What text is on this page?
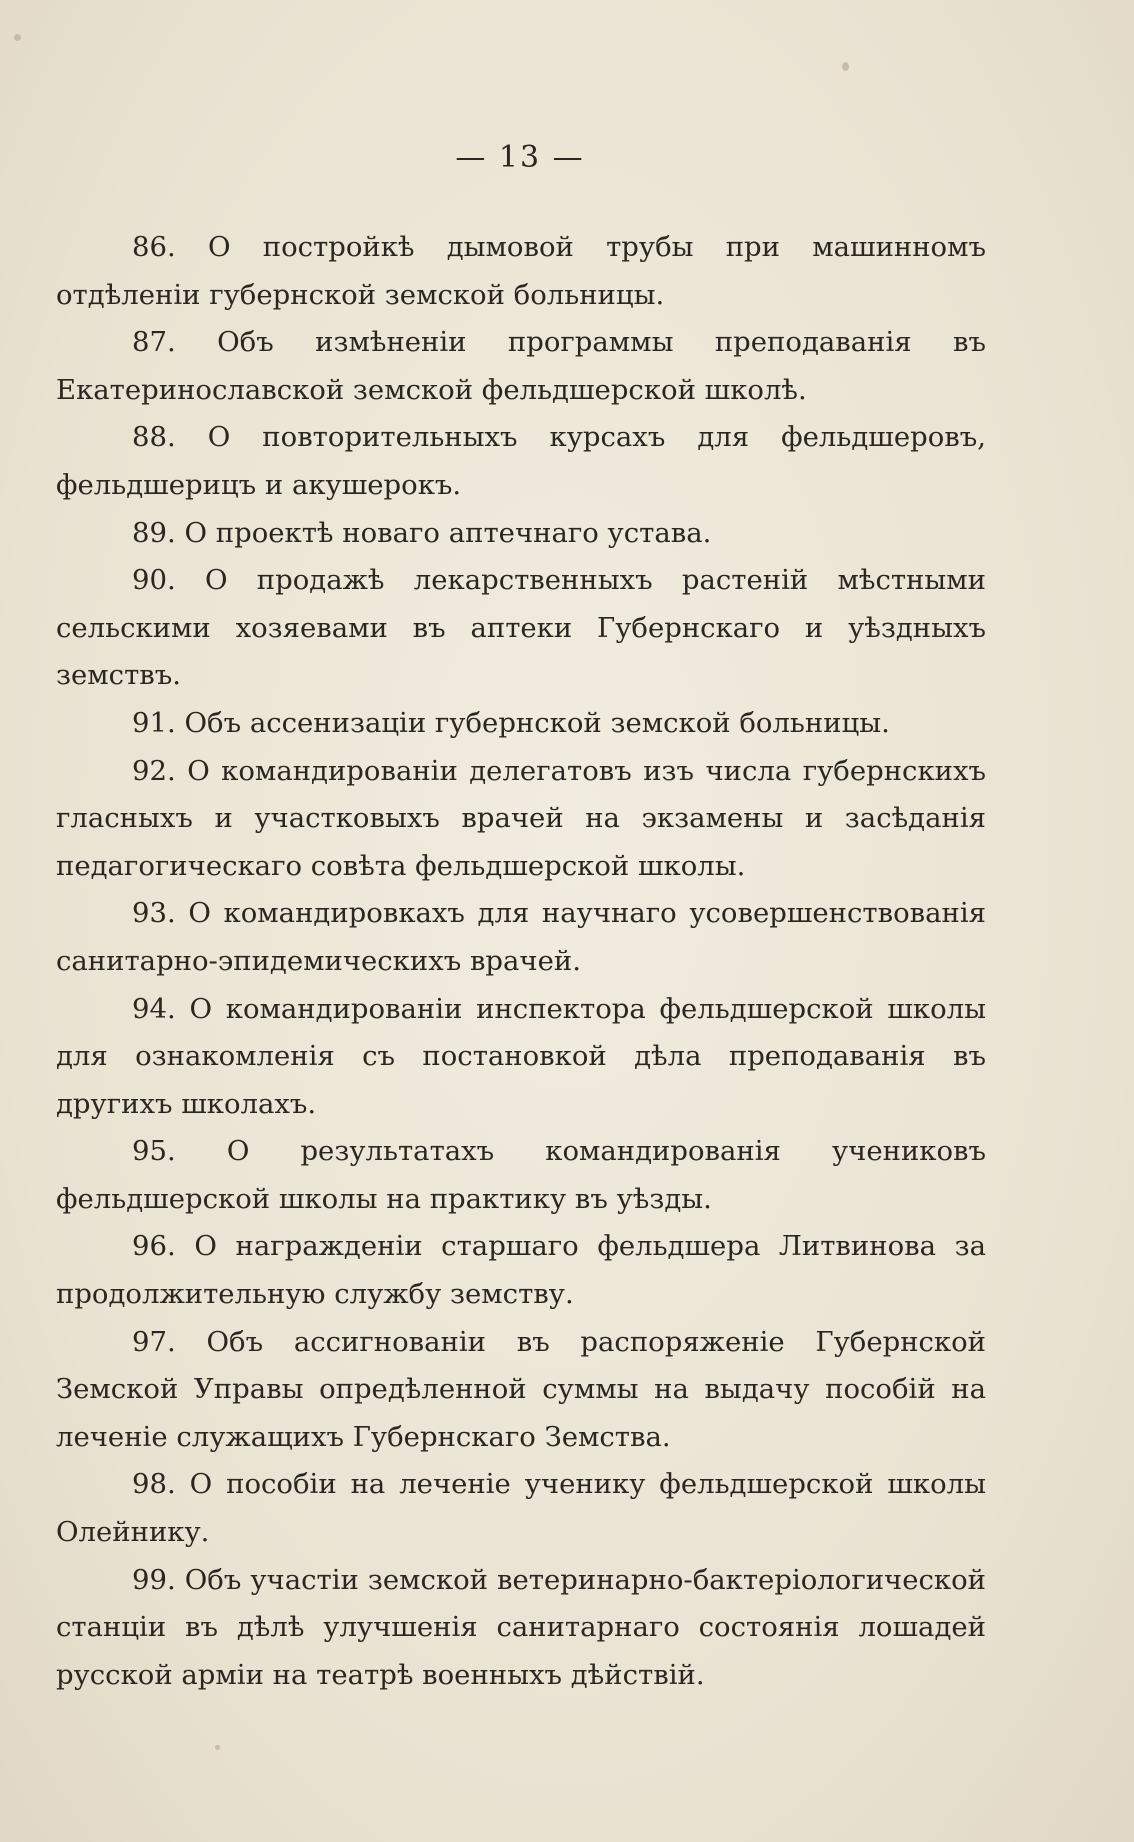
— 13 —

86. О постройкѣ дымовой трубы при машинномъ отдѣленіи губернской земской больницы.

87. Объ измѣненіи программы преподаванія въ Екатеринославской земской фельдшерской школѣ.

88. О повторительныхъ курсахъ для фельдшеровъ, фельдшерицъ и акушерокъ.

89. О проектѣ новаго аптечнаго устава.

90. О продажѣ лекарственныхъ растеній мѣстными сельскими хозяевами въ аптеки Губернскаго и уѣздныхъ земствъ.

91. Объ ассенизаціи губернской земской больницы.

92. О командированіи делегатовъ изъ числа губернскихъ гласныхъ и участковыхъ врачей на экзамены и засѣданія педагогическаго совѣта фельдшерской школы.

93. О командировкахъ для научнаго усовершенствованія санитарно-эпидемическихъ врачей.

94. О командированіи инспектора фельдшерской школы для ознакомленія съ постановкой дѣла преподаванія въ другихъ школахъ.

95. О результатахъ командированія учениковъ фельдшерской школы на практику въ уѣзды.

96. О награжденіи старшаго фельдшера Литвинова за продолжительную службу земству.

97. Объ ассигнованіи въ распоряженіе Губернской Земской Управы опредѣленной суммы на выдачу пособій на леченіе служащихъ Губернскаго Земства.

98. О пособіи на леченіе ученику фельдшерской школы Олейнику.

99. Объ участіи земской ветеринарно-бактеріологической станціи въ дѣлѣ улучшенія санитарнаго состоянія лошадей русской арміи на театрѣ военныхъ дѣйствій.
